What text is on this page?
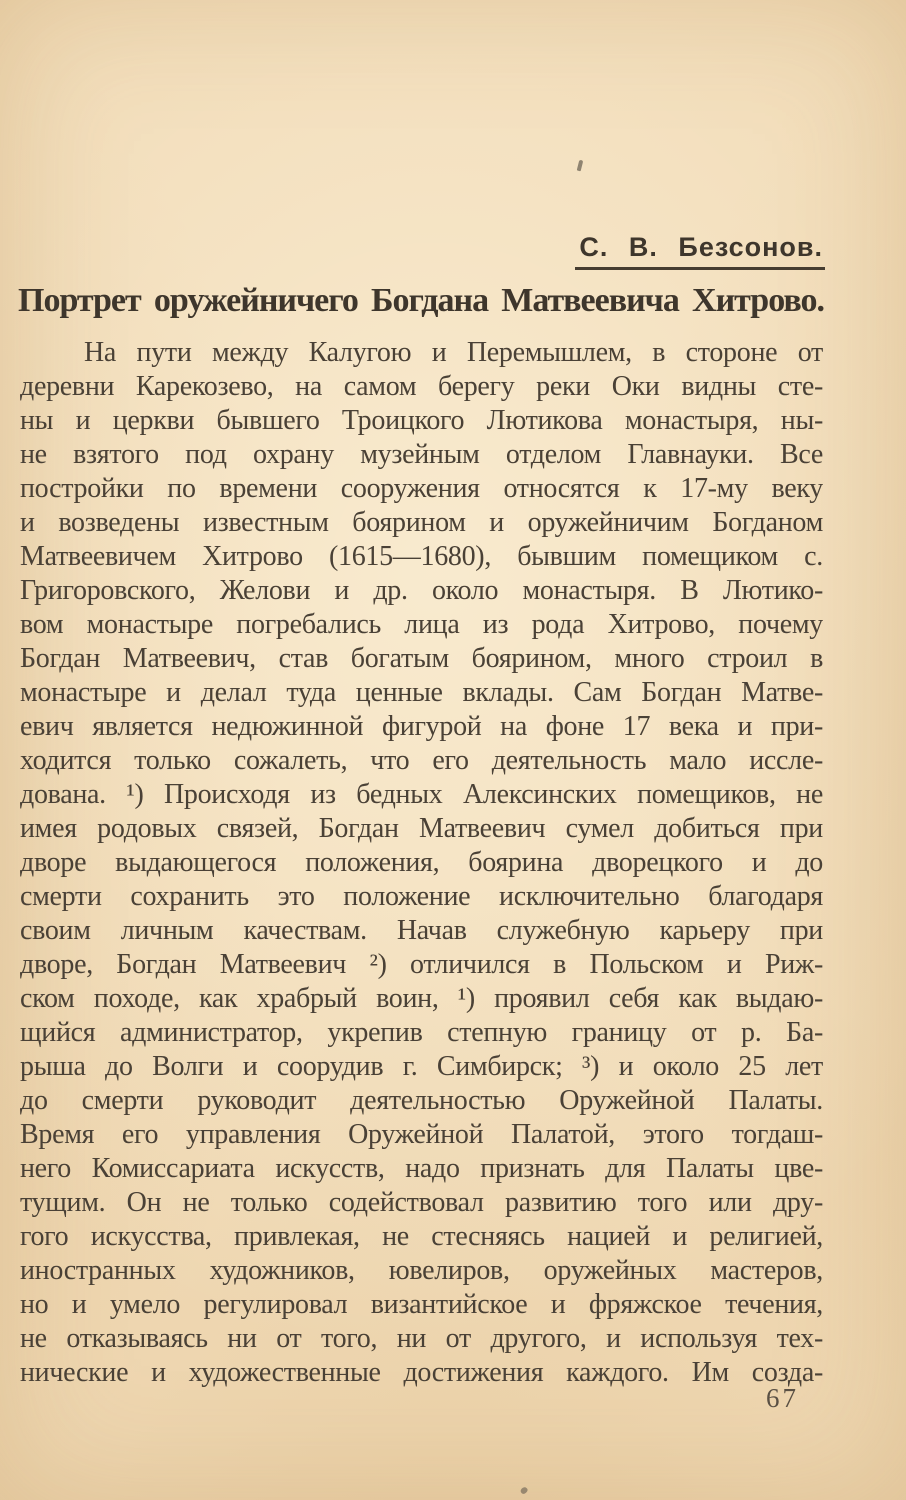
С. В. Безсонов.
Портрет оружейничего Богдана Матвеевича Хитрово.
На пути между Калугою и Перемышлем, в стороне от
деревни Карекозево, на самом берегу реки Оки видны сте-
ны и церкви бывшего Троицкого Лютикова монастыря, ны-
не взятого под охрану музейным отделом Главнауки. Все
постройки по времени сооружения относятся к 17-му веку
и возведены известным боярином и оружейничим Богданом
Матвеевичем Хитрово (1615—1680), бывшим помещиком с.
Григоровского, Желови и др. около монастыря. В Лютико-
вом монастыре погребались лица из рода Хитрово, почему
Богдан Матвеевич, став богатым боярином, много строил в
монастыре и делал туда ценные вклады. Сам Богдан Матве-
евич является недюжинной фигурой на фоне 17 века и при-
ходится только сожалеть, что его деятельность мало иссле-
дована. ¹) Происходя из бедных Алексинских помещиков, не
имея родовых связей, Богдан Матвеевич сумел добиться при
дворе выдающегося положения, боярина дворецкого и до
смерти сохранить это положение исключительно благодаря
своим личным качествам. Начав служебную карьеру при
дворе, Богдан Матвеевич ²) отличился в Польском и Риж-
ском походе, как храбрый воин, ¹) проявил себя как выдаю-
щийся администратор, укрепив степную границу от р. Ба-
рыша до Волги и соорудив г. Симбирск; ³) и около 25 лет
до смерти руководит деятельностью Оружейной Палаты.
Время его управления Оружейной Палатой, этого тогдаш-
него Комиссариата искусств, надо признать для Палаты цве-
тущим. Он не только содействовал развитию того или дру-
гого искусства, привлекая, не стесняясь нацией и религией,
иностранных художников, ювелиров, оружейных мастеров,
но и умело регулировал византийское и фряжское течения,
не отказываясь ни от того, ни от другого, и используя тех-
нические и художественные достижения каждого. Им созда-
67
